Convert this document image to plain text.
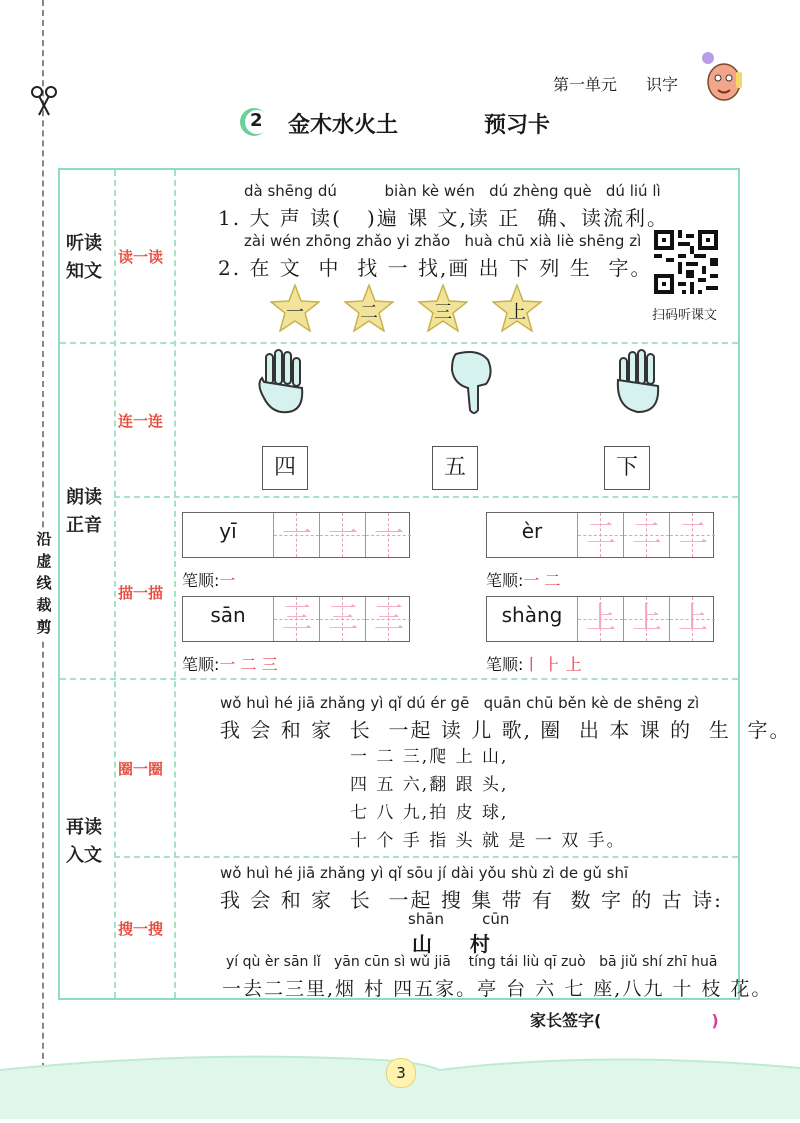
沿虚线裁剪
第一单元 识字
2 金木水火土	预习卡
听读
知文
朗读
正音
再读
入文
读一读
连一连
描一描
圈一圈
搜一搜
dà shēng dú          biàn kè wén   dú zhèng què   dú liú lì
1. 大 声 读(   )遍 课 文,读 正  确、读流利。
zài wén zhōng zhǎo yi zhǎo   huà chū xià liè shēng zì
2. 在 文  中  找 一 找,画 出 下 列 生  字。
扫码听课文
一	二	三	上
四	五	下
yī	一 一 一
笔顺:一
èr	二 二 二
笔顺:一 二
sān	三 三 三
笔顺:一 二 三
shàng 上 上 上
笔顺:丨 ⺊ 上
wǒ huì hé jiā zhǎng yì qǐ dú ér gē   quān chū běn kè de shēng zì
我 会 和 家  长  一起 读 儿 歌, 圈  出 本 课 的  生  字。
一 二 三,爬 上 山,
四 五 六,翻 跟 头,
七 八 九,拍 皮 球,
十 个 手 指 头 就 是 一 双 手。
wǒ huì hé jiā zhǎng yì qǐ sōu jí dài yǒu shù zì de gǔ shī
我 会 和 家  长  一起 搜 集 带 有  数 字 的 古 诗:
shān        cūn
山    村
yí qù èr sān lǐ   yān cūn sì wǔ jiā    tíng tái liù qī zuò   bā jiǔ shí zhī huā
一去二三里,烟 村 四五家。亭 台 六 七 座,八九 十 枝 花。
家长签字(	)
3
